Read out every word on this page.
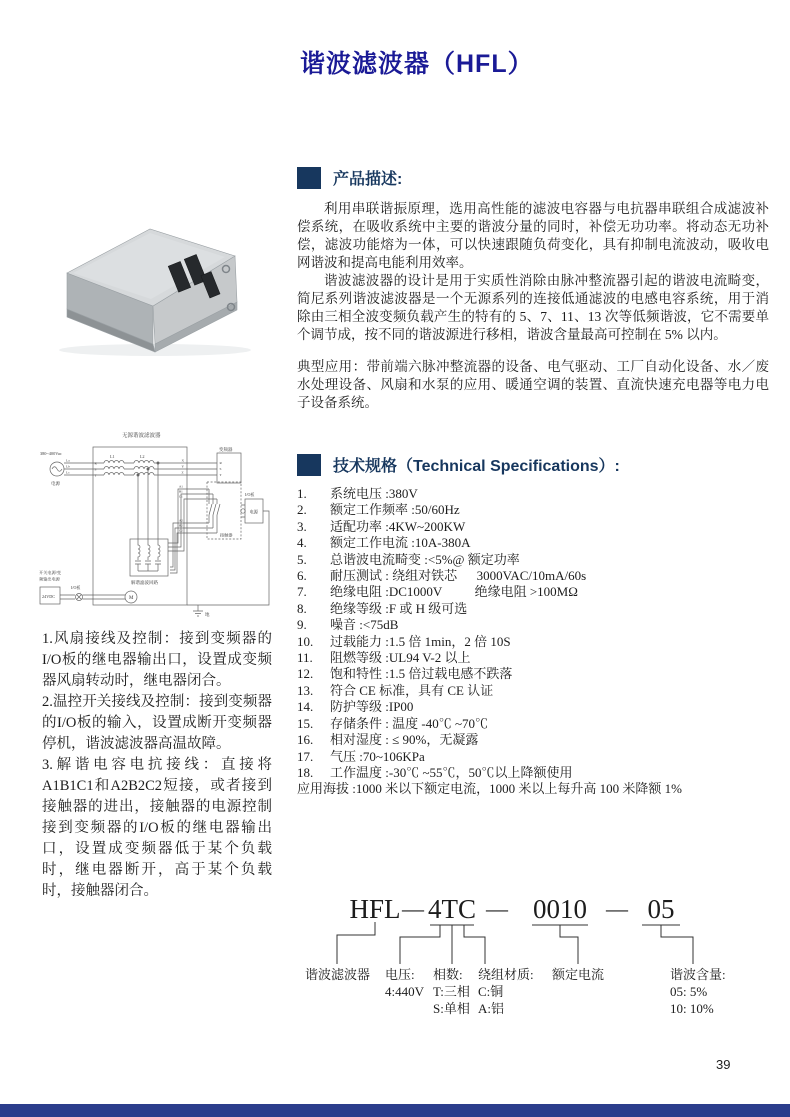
谐波滤波器（HFL）
产品描述:

利用串联谐振原理，选用高性能的滤波电容器与电抗器串联组合成滤波补偿系统，在吸收系统中主要的谐波分量的同时，补偿无功功率。将动态无功补偿，滤波功能熔为一体，可以快速跟随负荷变化，具有抑制电流波动，吸收电网谐波和提高电能利用效率。

谐波滤波器的设计是用于实质性消除由脉冲整流器引起的谐波电流畸变，简尼系列谐波滤波器是一个无源系列的连接低通滤波的电感电容系统，用于消除由三相全波变频负载产生的特有的 5、7、11、13 次等低频谐波，它不需要单个调节成，按不同的谐波源进行移相，谐波含量最高可控制在 5% 以内。

典型应用：带前端六脉冲整流器的设备、电气驱动、工厂自动化设备、水／废水处理设备、风扇和水泵的应用、暖通空调的装置、直流快速充电器等电力电子设备系统。

无源谐波滤波器
380~400Vac
电源
La
Lb
Lc
R
S
T
L1	L2
X
Y
Z
变频器
R
S
T
A1
B1
C1
A2
B2
C2
接触器
I/O板
电源
解谐滤波回路
开关电源/变
频输出电源
24VDC
I/O板
M
地

1.风扇接线及控制：接到变频器的I/O板的继电器输出口，设置成变频器风扇转动时，继电器闭合。

2.温控开关接线及控制：接到变频器的I/O板的输入，设置成断开变频器停机，谐波滤波器高温故障。

3.解谐电容电抗接线：直接将A1B1C1和A2B2C2短接，或者接到接触器的进出，接触器的电源控制接到变频器的I/O板的继电器输出口，设置成变频器低于某个负载时，继电器断开，高于某个负载时，接触器闭合。

技术规格（Technical Specifications）:
1.	系统电压 :380V
2.	额定工作频率 :50/60Hz
3.	适配功率 :4KW~200KW
4.	额定工作电流 :10A-380A
5.	总谐波电流畸变 :<5%@ 额定功率
6.	耐压测试 : 绕组对铁芯      3000VAC/10mA/60s
7.	绝缘电阻 :DC1000V          绝缘电阻 >100MΩ
8.	绝缘等级 :F 或 H 级可选
9.	噪音 :<75dB
10.	过载能力 :1.5 倍 1min，2 倍 10S
11.	阻燃等级 :UL94 V-2 以上
12.	饱和特性 :1.5 倍过载电感不跌落
13.	符合 CE 标准，具有 CE 认证
14.	防护等级 :IP00
15.	存储条件 : 温度 -40℃ ~70℃
16.	相对湿度 : ≤ 90%，无凝露
17.	气压 :70~106KPa
18.	工作温度 :-30℃ ~55℃，50℃以上降额使用
应用海拔 :1000 米以下额定电流，1000 米以上每升高 100 米降额 1%
HFL — 4TC — 0010 — 05
谐波滤波器 电压:
4:440V
相数:
T:三相
S:单相
绕组材质:
C:铜
A:铝
额定电流	谐波含量:
05: 5%
10: 10%
39
